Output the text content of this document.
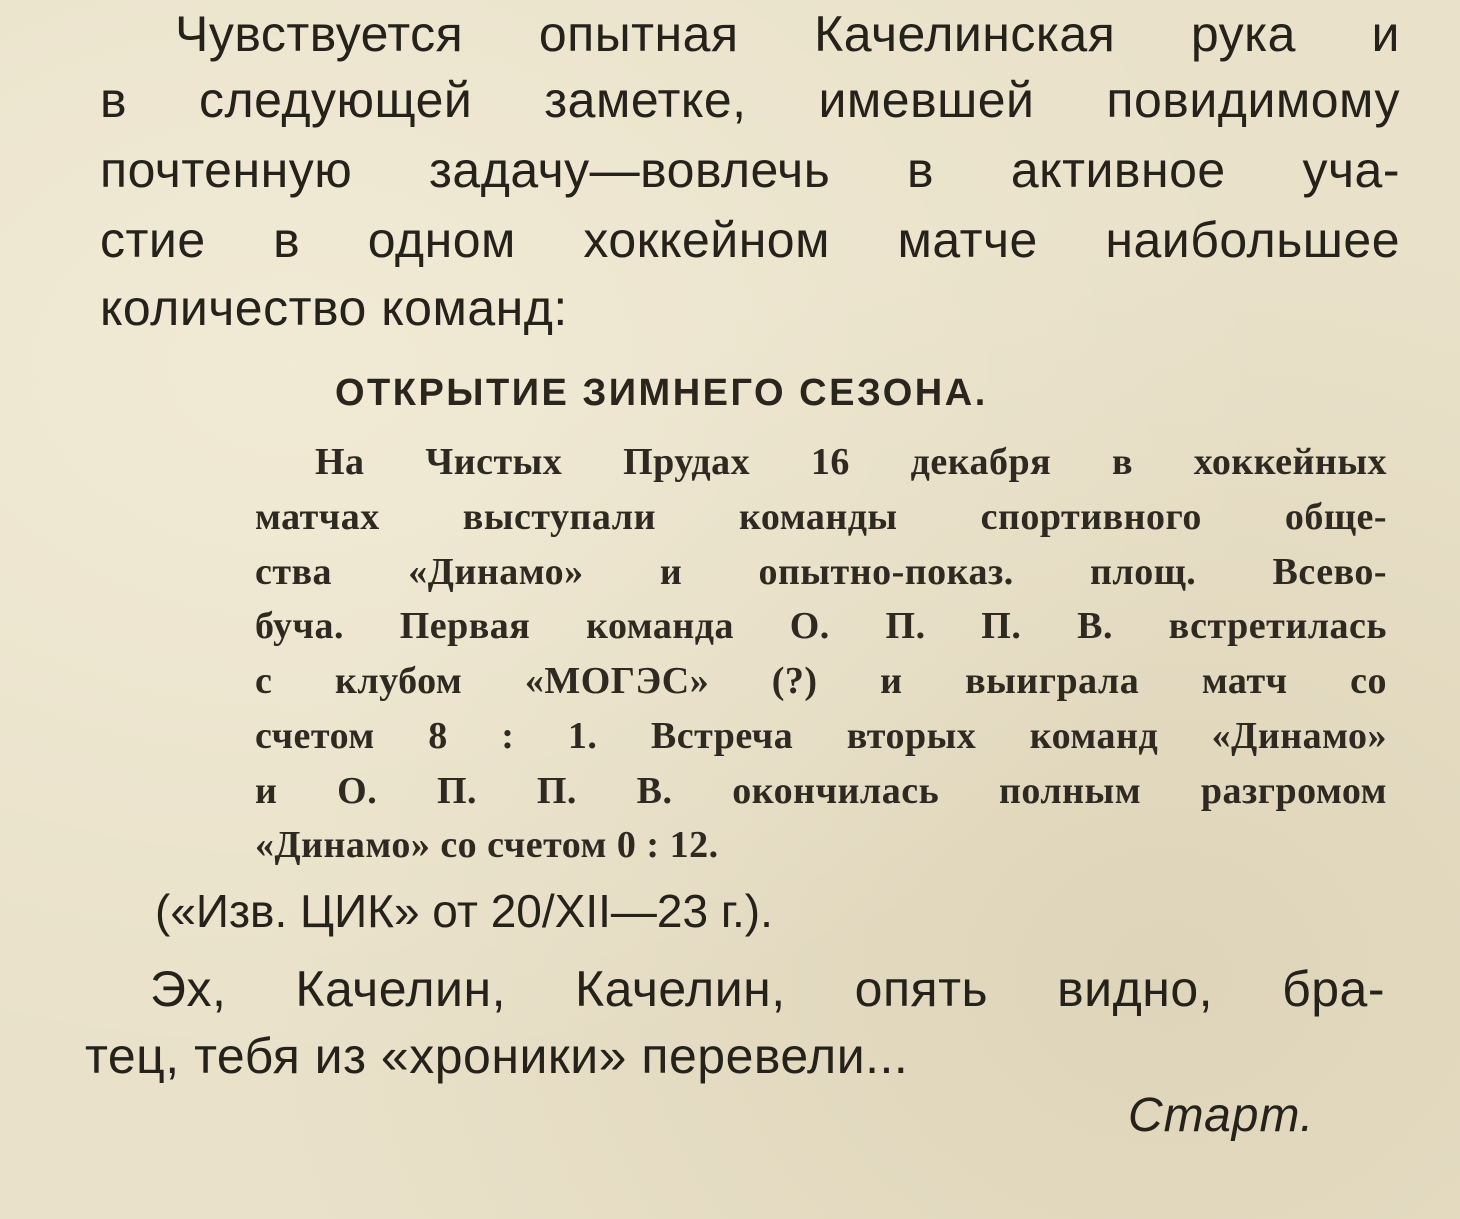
Чувствуется опытная Качелинская рука и
в следующей заметке, имевшей повидимому
почтенную задачу—вовлечь в активное уча-
стие в одном хоккейном матче наибольшее
количество команд:
ОТКРЫТИЕ ЗИМНЕГО СЕЗОНА.
На Чистых Прудах 16 декабря в хоккейных
матчах выступали команды спортивного обще-
ства «Динамо» и опытно-показ. площ. Всево-
буча. Первая команда О. П. П. В. встретилась
с клубом «МОГЭС» (?) и выиграла матч со
счетом 8 : 1. Встреча вторых команд «Динамо»
и О. П. П. В. окончилась полным разгромом
«Динамо» со счетом 0 : 12.
(«Изв. ЦИК» от 20/XII—23 г.).
Эх, Качелин, Качелин, опять видно, бра-
тец, тебя из «хроники» перевели...
Старт.
